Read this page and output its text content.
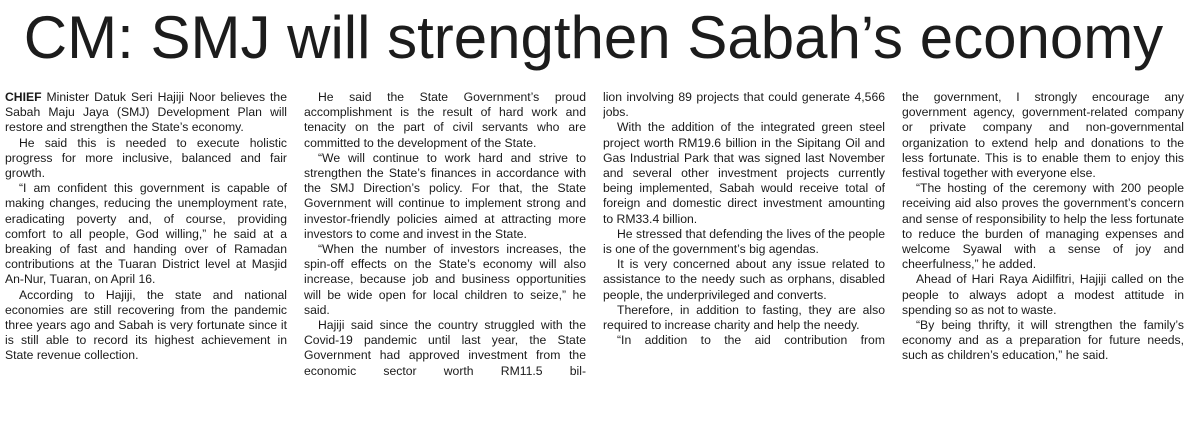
CM: SMJ will strengthen Sabah’s economy

CHIEF Minister Datuk Seri Hajiji Noor believes the Sabah Maju Jaya (SMJ) Development Plan will restore and strengthen the State’s economy.

He said this is needed to execute holistic progress for more inclusive, balanced and fair growth.

“I am confident this government is capable of making changes, reducing the unemployment rate, eradicating poverty and, of course, providing comfort to all people, God willing,” he said at a breaking of fast and handing over of Ramadan contributions at the Tuaran District level at Masjid An-Nur, Tuaran, on April 16.

According to Hajiji, the state and national economies are still recovering from the pandemic three years ago and Sabah is very fortunate since it is still able to record its highest achievement in State revenue collection.

He said the State Government’s proud accomplishment is the result of hard work and tenacity on the part of civil servants who are committed to the development of the State.

“We will continue to work hard and strive to strengthen the State’s finances in accordance with the SMJ Direction’s policy. For that, the State Government will continue to implement strong and investor-friendly policies aimed at attracting more investors to come and invest in the State.

“When the number of investors increases, the spin-off effects on the State’s economy will also increase, because job and business opportunities will be wide open for local children to seize,” he said.

Hajiji said since the country struggled with the Covid-19 pandemic until last year, the State Government had approved investment from the economic sector worth RM11.5 bil-

lion involving 89 projects that could generate 4,566 jobs.

With the addition of the integrated green steel project worth RM19.6 billion in the Sipitang Oil and Gas Industrial Park that was signed last November and several other investment projects currently being implemented, Sabah would receive total of foreign and domestic direct investment amounting to RM33.4 billion.

He stressed that defending the lives of the people is one of the government’s big agendas.

It is very concerned about any issue related to assistance to the needy such as orphans, disabled people, the underprivileged and converts.

Therefore, in addition to fasting, they are also required to increase charity and help the needy.

“In addition to the aid contribution from

the government, I strongly encourage any government agency, government-related company or private company and non-governmental organization to extend help and donations to the less fortunate. This is to enable them to enjoy this festival together with everyone else.

“The hosting of the ceremony with 200 people receiving aid also proves the government’s concern and sense of responsibility to help the less fortunate to reduce the burden of managing expenses and welcome Syawal with a sense of joy and cheerfulness,” he added.

Ahead of Hari Raya Aidilfitri, Hajiji called on the people to always adopt a modest attitude in spending so as not to waste.

“By being thrifty, it will strengthen the family’s economy and as a preparation for future needs, such as children’s education,” he said.
